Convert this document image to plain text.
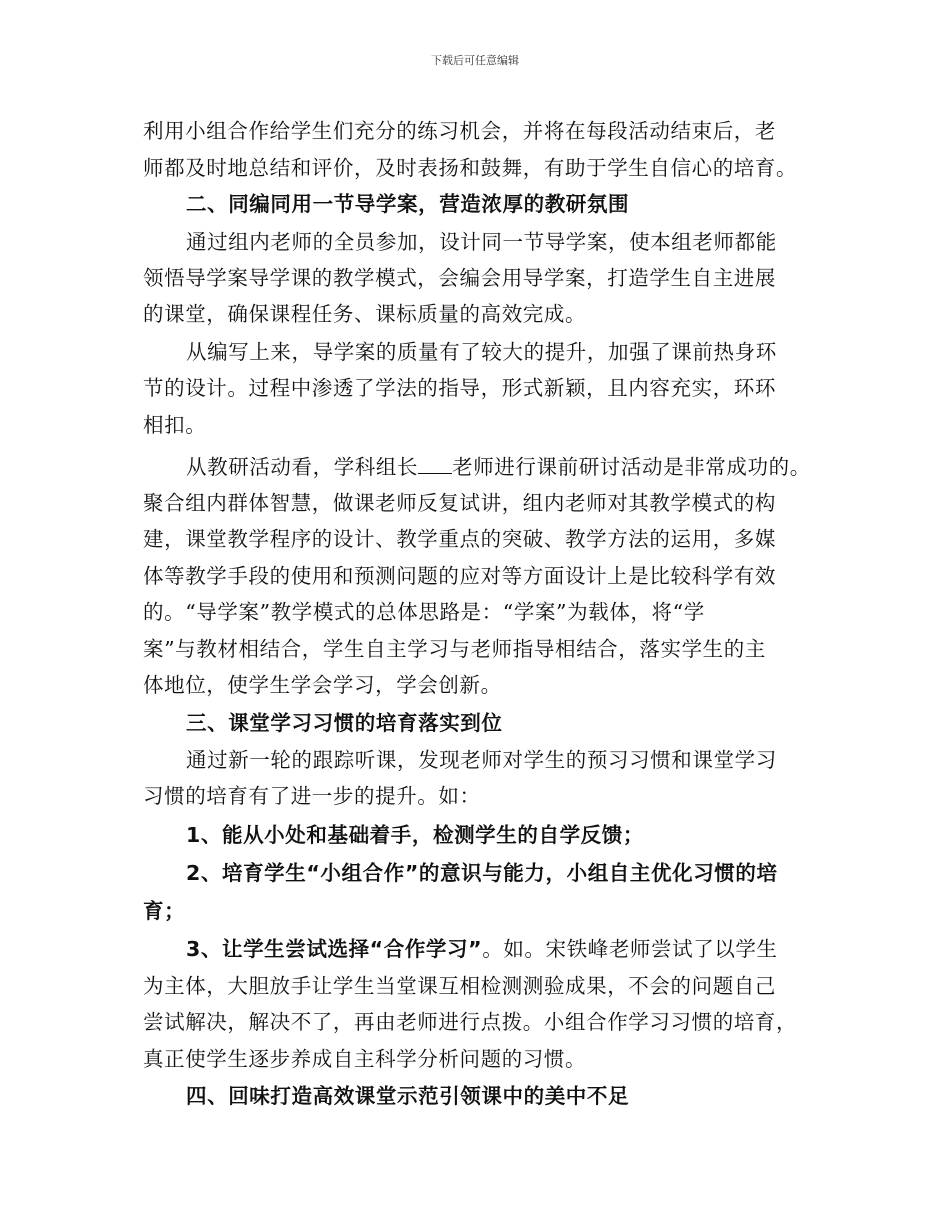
下载后可任意编辑
利用小组合作给学生们充分的练习机会，并将在每段活动结束后，老
师都及时地总结和评价，及时表扬和鼓舞，有助于学生自信心的培育。
二、同编同用一节导学案，营造浓厚的教研氛围
通过组内老师的全员参加，设计同一节导学案，使本组老师都能
领悟导学案导学课的教学模式，会编会用导学案，打造学生自主进展
的课堂，确保课程任务、课标质量的高效完成。
从编写上来，导学案的质量有了较大的提升，加强了课前热身环
节的设计。过程中渗透了学法的指导，形式新颖，且内容充实，环环
相扣。
从教研活动看，学科组长 老师进行课前研讨活动是非常成功的。
聚合组内群体智慧，做课老师反复试讲，组内老师对其教学模式的构
建，课堂教学程序的设计、教学重点的突破、教学方法的运用，多媒
体等教学手段的使用和预测问题的应对等方面设计上是比较科学有效
的。“导学案”教学模式的总体思路是：“学案”为载体，将“学
案”与教材相结合，学生自主学习与老师指导相结合，落实学生的主
体地位，使学生学会学习，学会创新。
三、课堂学习习惯的培育落实到位
通过新一轮的跟踪听课，发现老师对学生的预习习惯和课堂学习
习惯的培育有了进一步的提升。如：
1、能从小处和基础着手，检测学生的自学反馈；
2、培育学生“小组合作”的意识与能力，小组自主优化习惯的培
育；
3、让学生尝试选择“合作学习”。如。宋铁峰老师尝试了以学生
为主体，大胆放手让学生当堂课互相检测测验成果，不会的问题自己
尝试解决，解决不了，再由老师进行点拨。小组合作学习习惯的培育，
真正使学生逐步养成自主科学分析问题的习惯。
四、回味打造高效课堂示范引领课中的美中不足
